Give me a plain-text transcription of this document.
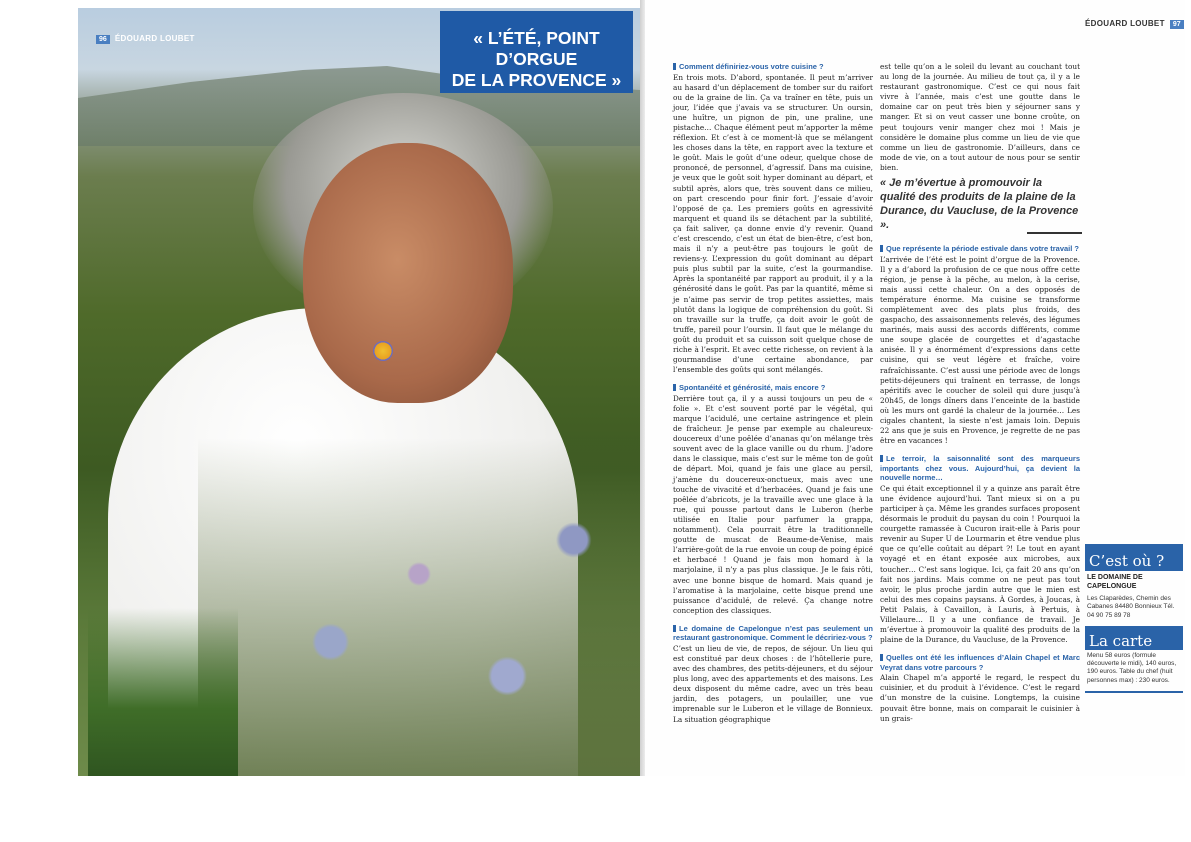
96 ÉDOUARD LOUBET	« L’ÉTÉ, POINT
D’ORGUE
DE LA PROVENCE »
ÉDOUARD LOUBET 97
Comment définiriez-vous votre cuisine ?

En trois mots. D’abord, spontanée. Il peut m’arriver au hasard d’un déplacement de tomber sur du raifort ou de la graine de lin. Ça va traîner en tête, puis un jour, l’idée que j’avais va se structurer. Un oursin, une huître, un pignon de pin, une praline, une pistache… Chaque élément peut m’apporter la même réflexion. Et c’est à ce moment-là que se mélangent les choses dans la tête, en rapport avec la texture et le goût. Mais le goût d’une odeur, quelque chose de prononcé, de personnel, d’agressif. Dans ma cuisine, je veux que le goût soit hyper dominant au départ, et subtil après, alors que, très souvent dans ce milieu, on part crescendo pour finir fort. J’essaie d’avoir l’opposé de ça. Les premiers goûts en agressivité marquent et quand ils se détachent par la subtilité, ça fait saliver, ça donne envie d’y revenir. Quand c’est crescendo, c’est un état de bien-être, c’est bon, mais il n’y a peut-être pas toujours le goût de reviens-y. L’expression du goût dominant au départ puis plus subtil par la suite, c’est la gourmandise. Après la spontanéité par rapport au produit, il y a la générosité dans le goût. Pas par la quantité, même si je n’aime pas servir de trop petites assiettes, mais plutôt dans la logique de compréhension du goût. Si on travaille sur la truffe, ça doit avoir le goût de truffe, pareil pour l’oursin. Il faut que le mélange du goût du produit et sa cuisson soit quelque chose de riche à l’esprit. Et avec cette richesse, on revient à la gourmandise d’une certaine abondance, par l’ensemble des goûts qui sont mélangés.

Spontanéité et générosité, mais encore ?

Derrière tout ça, il y a aussi toujours un peu de « folie ». Et c’est souvent porté par le végétal, qui marque l’acidulé, une certaine astringence et plein de fraîcheur. Je pense par exemple au chaleureux-doucereux d’une poêlée d’ananas qu’on mélange très souvent avec de la glace vanille ou du rhum. J’adore dans le classique, mais c’est sur le même ton de goût de départ. Moi, quand je fais une glace au persil, j’amène du doucereux-onctueux, mais avec une touche de vivacité et d’herbacées. Quand je fais une poêlée d’abricots, je la travaille avec une glace à la rue, qui pousse partout dans le Luberon (herbe utilisée en Italie pour parfumer la grappa, notamment). Cela pourrait être la traditionnelle goutte de muscat de Beaume-de-Venise, mais l’arrière-goût de la rue envoie un coup de poing épicé et herbacé ! Quand je fais mon homard à la marjolaine, il n’y a pas plus classique. Je le fais rôti, avec une bonne bisque de homard. Mais quand je l’aromatise à la marjolaine, cette bisque prend une puissance d’acidulé, de relevé. Ça change notre conception des classiques.

Le domaine de Capelongue n’est pas seulement un restaurant gastronomique. Comment le décririez-vous ?

C’est un lieu de vie, de repos, de séjour. Un lieu qui est constitué par deux choses : de l’hôtellerie pure, avec des chambres, des petits-déjeuners, et du séjour plus long, avec des appartements et des maisons. Les deux disposent du même cadre, avec un très beau jardin, des potagers, un poulailler, une vue imprenable sur le Luberon et le village de Bonnieux. La situation géographique

est telle qu’on a le soleil du levant au couchant tout au long de la journée. Au milieu de tout ça, il y a le restaurant gastronomique. C’est ce qui nous fait vivre à l’année, mais c’est une goutte dans le domaine car on peut très bien y séjourner sans y manger. Et si on veut casser une bonne croûte, on peut toujours venir manger chez moi ! Mais je considère le domaine plus comme un lieu de vie que comme un lieu de gastronomie. D’ailleurs, dans ce mode de vie, on a tout autour de nous pour se sentir bien.

« Je m’évertue à promouvoir la qualité des produits de la plaine de la Durance, du Vaucluse, de la Provence ».
Que représente la période estivale dans votre travail ?

L’arrivée de l’été est le point d’orgue de la Provence. Il y a d’abord la profusion de ce que nous offre cette région, je pense à la pêche, au melon, à la cerise, mais aussi cette chaleur. On a des opposés de température énorme. Ma cuisine se transforme complètement avec des plats plus froids, des gaspacho, des assaisonnements relevés, des légumes marinés, mais aussi des accords différents, comme une soupe glacée de courgettes et d’agastache anisée. Il y a énormément d’expressions dans cette cuisine, qui se veut légère et fraîche, voire rafraîchissante. C’est aussi une période avec de longs petits-déjeuners qui traînent en terrasse, de longs apéritifs avec le coucher de soleil qui dure jusqu’à 20h45, de longs dîners dans l’enceinte de la bastide où les murs ont gardé la chaleur de la journée… Les cigales chantent, la sieste n’est jamais loin. Depuis 22 ans que je suis en Provence, je regrette de ne pas être en vacances !

Le terroir, la saisonnalité sont des marqueurs importants chez vous. Aujourd’hui, ça devient la nouvelle norme…

Ce qui était exceptionnel il y a quinze ans paraît être une évidence aujourd’hui. Tant mieux si on a pu participer à ça. Même les grandes surfaces proposent désormais le produit du paysan du coin ! Pourquoi la courgette ramassée à Cucuron irait-elle à Paris pour revenir au Super U de Lourmarin et être vendue plus que ce qu’elle coûtait au départ ?! Le tout en ayant voyagé et en étant exposée aux microbes, aux toucher… C’est sans logique. Ici, ça fait 20 ans qu’on fait nos jardins. Mais comme on ne peut pas tout avoir, le plus proche jardin autre que le mien est celui des mes copains paysans. À Gordes, à Joucas, à Petit Palais, à Cavaillon, à Lauris, à Pertuis, à Villelaure… Il y a une confiance de travail. Je m’évertue à promouvoir la qualité des produits de la plaine de la Durance, du Vaucluse, de la Provence.

Quelles ont été les influences d’Alain Chapel et Marc Veyrat dans votre parcours ?

Alain Chapel m’a apporté le regard, le respect du cuisinier, et du produit à l’évidence. C’est le regard d’un monstre de la cuisine. Longtemps, la cuisine pouvait être bonne, mais on comparait le cuisinier à un grais-

C’est où ?
LE DOMAINE DE CAPELONGUE
Les Claparèdes, Chemin des Cabanes 84480 Bonnieux Tél. 04 90 75 89 78
La carte
Menu 58 euros (formule découverte le midi), 140 euros, 190 euros. Table du chef (huit personnes max) : 230 euros.
